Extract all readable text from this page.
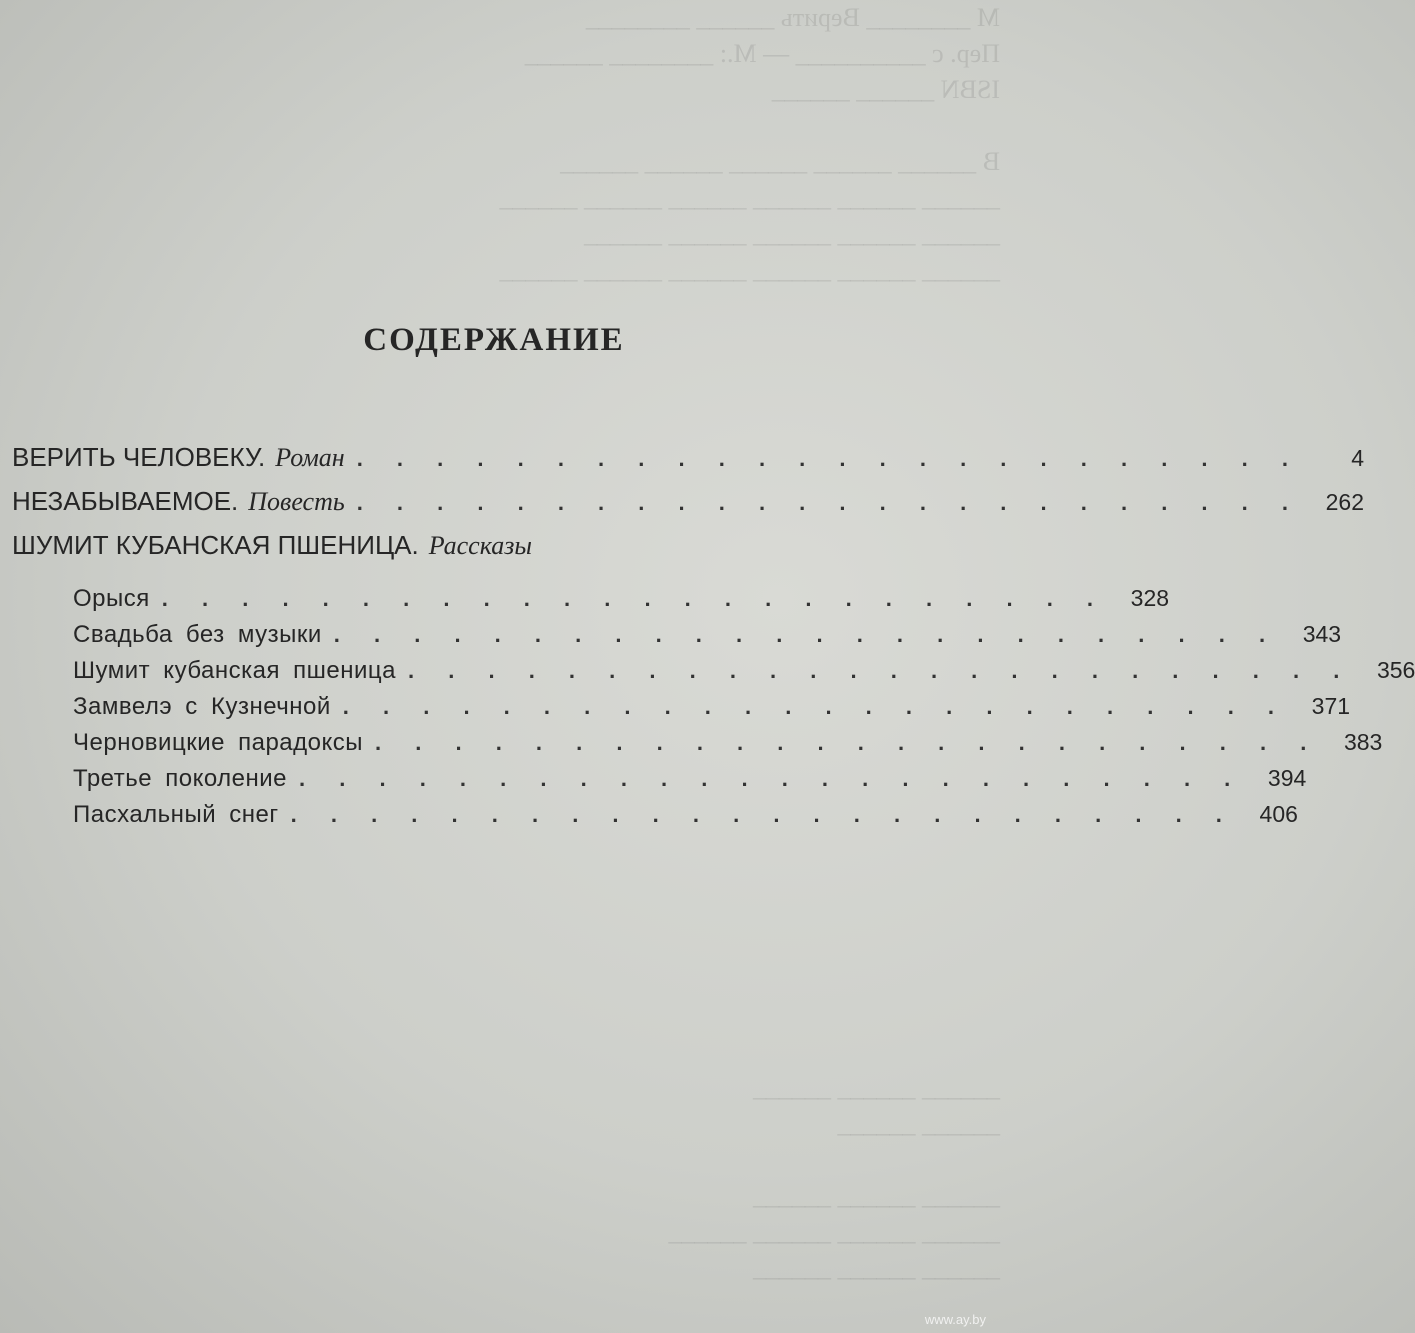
М ________ Верить ______ ________
Пер. с __________ — М.: ________ ______
ISBN ______ ______

В ______ ______ ______ ______ ______
______ ______ ______ ______ ______ ______
______ ______ ______ ______ ______
______ ______ ______ ______ ______ ______
______ ______ ______
______ ______

______ ______ ______
______ ______ ______ ______
______ ______ ______
СОДЕРЖАНИЕ
ВЕРИТЬ ЧЕЛОВЕКУ. Роман . . . . . . . . . . . . . . . . . . . . . . . .	4
НЕЗАБЫВАЕМОЕ. Повесть . . . . . . . . . . . . . . . . . . . . . . . .	262
ШУМИТ КУБАНСКАЯ ПШЕНИЦА. Рассказы
Орыся . . . . . . . . . . . . . . . . . . . . . . . .	328
Свадьба без музыки . . . . . . . . . . . . . . . . . . . . . . . .	343
Шумит кубанская пшеница . . . . . . . . . . . . . . . . . . . . . . . .	356
Замвелэ с Кузнечной . . . . . . . . . . . . . . . . . . . . . . . .	371
Черновицкие парадоксы . . . . . . . . . . . . . . . . . . . . . . . .	383
Третье поколение . . . . . . . . . . . . . . . . . . . . . . . .	394
Пасхальный снег . . . . . . . . . . . . . . . . . . . . . . . .	406
www.ay.by
